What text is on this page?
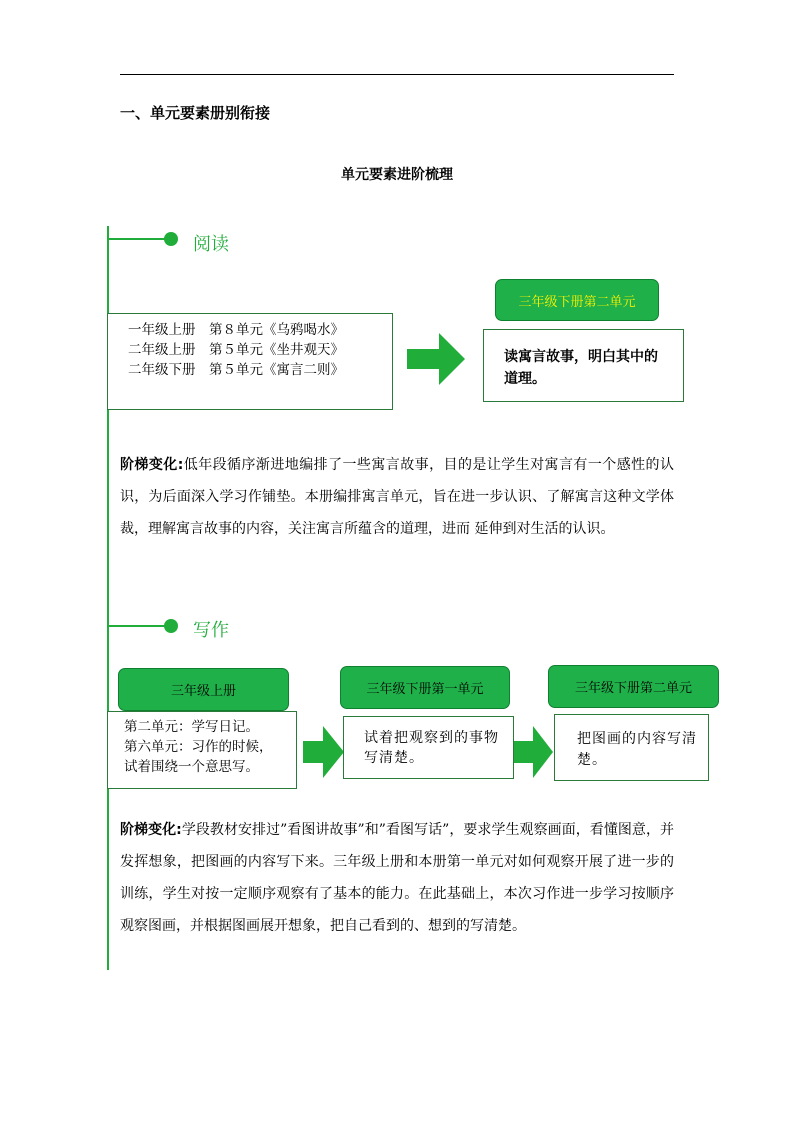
一、单元要素册别衔接
单元要素进阶梳理
阅读
一年级上册　第８单元《乌鸦喝水》
二年级上册　第５单元《坐井观天》
二年级下册　第５单元《寓言二则》
三年级下册第二单元
读寓言故事，明白其中的道理。
阶梯变化:低年段循序渐进地编排了一些寓言故事，目的是让学生对寓言有一个感性的认识，为后面深入学习作铺垫。本册编排寓言单元，旨在进一步认识、了解寓言这种文学体裁，理解寓言故事的内容，关注寓言所蕴含的道理，进而 延伸到对生活的认识。
写作
三年级上册
第二单元：学写日记。
第六单元：习作的时候，
试着围绕一个意思写。
三年级下册第一单元
试着把观察到的事物写清楚。
三年级下册第二单元
把图画的内容写清楚。
阶梯变化:学段教材安排过”看图讲故事”和”看图写话”，要求学生观察画面，看懂图意，并发挥想象，把图画的内容写下来。三年级上册和本册第一单元对如何观察开展了进一步的训练，学生对按一定顺序观察有了基本的能力。在此基础上，本次习作进一步学习按顺序观察图画，并根据图画展开想象，把自己看到的、想到的写清楚。
